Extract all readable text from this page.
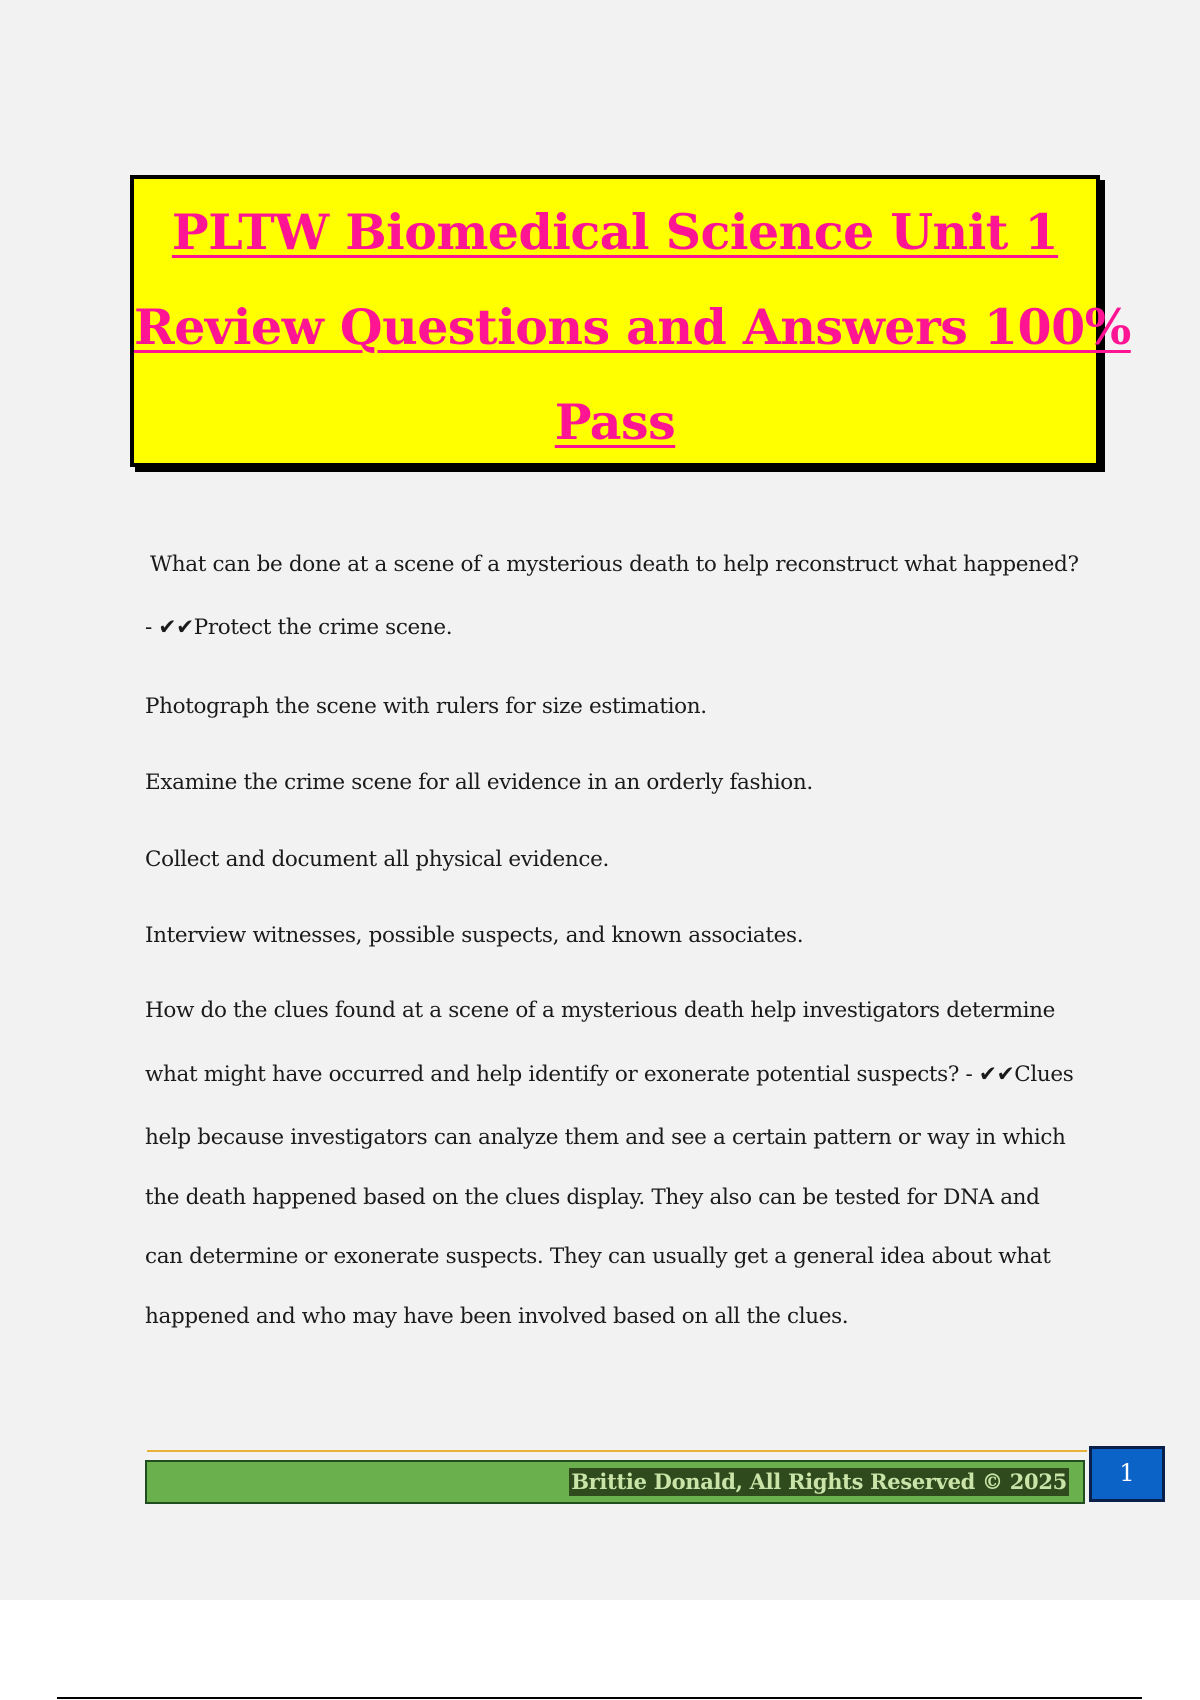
PLTW Biomedical Science Unit 1
Review Questions and Answers 100%
Pass
What can be done at a scene of a mysterious death to help reconstruct what happened?
- ✔✔Protect the crime scene.
Photograph the scene with rulers for size estimation.
Examine the crime scene for all evidence in an orderly fashion.
Collect and document all physical evidence.
Interview witnesses, possible suspects, and known associates.
How do the clues found at a scene of a mysterious death help investigators determine
what might have occurred and help identify or exonerate potential suspects? - ✔✔Clues
help because investigators can analyze them and see a certain pattern or way in which
the death happened based on the clues display. They also can be tested for DNA and
can determine or exonerate suspects. They can usually get a general idea about what
happened and who may have been involved based on all the clues.
Brittie Donald, All Rights Reserved © 2025	1
